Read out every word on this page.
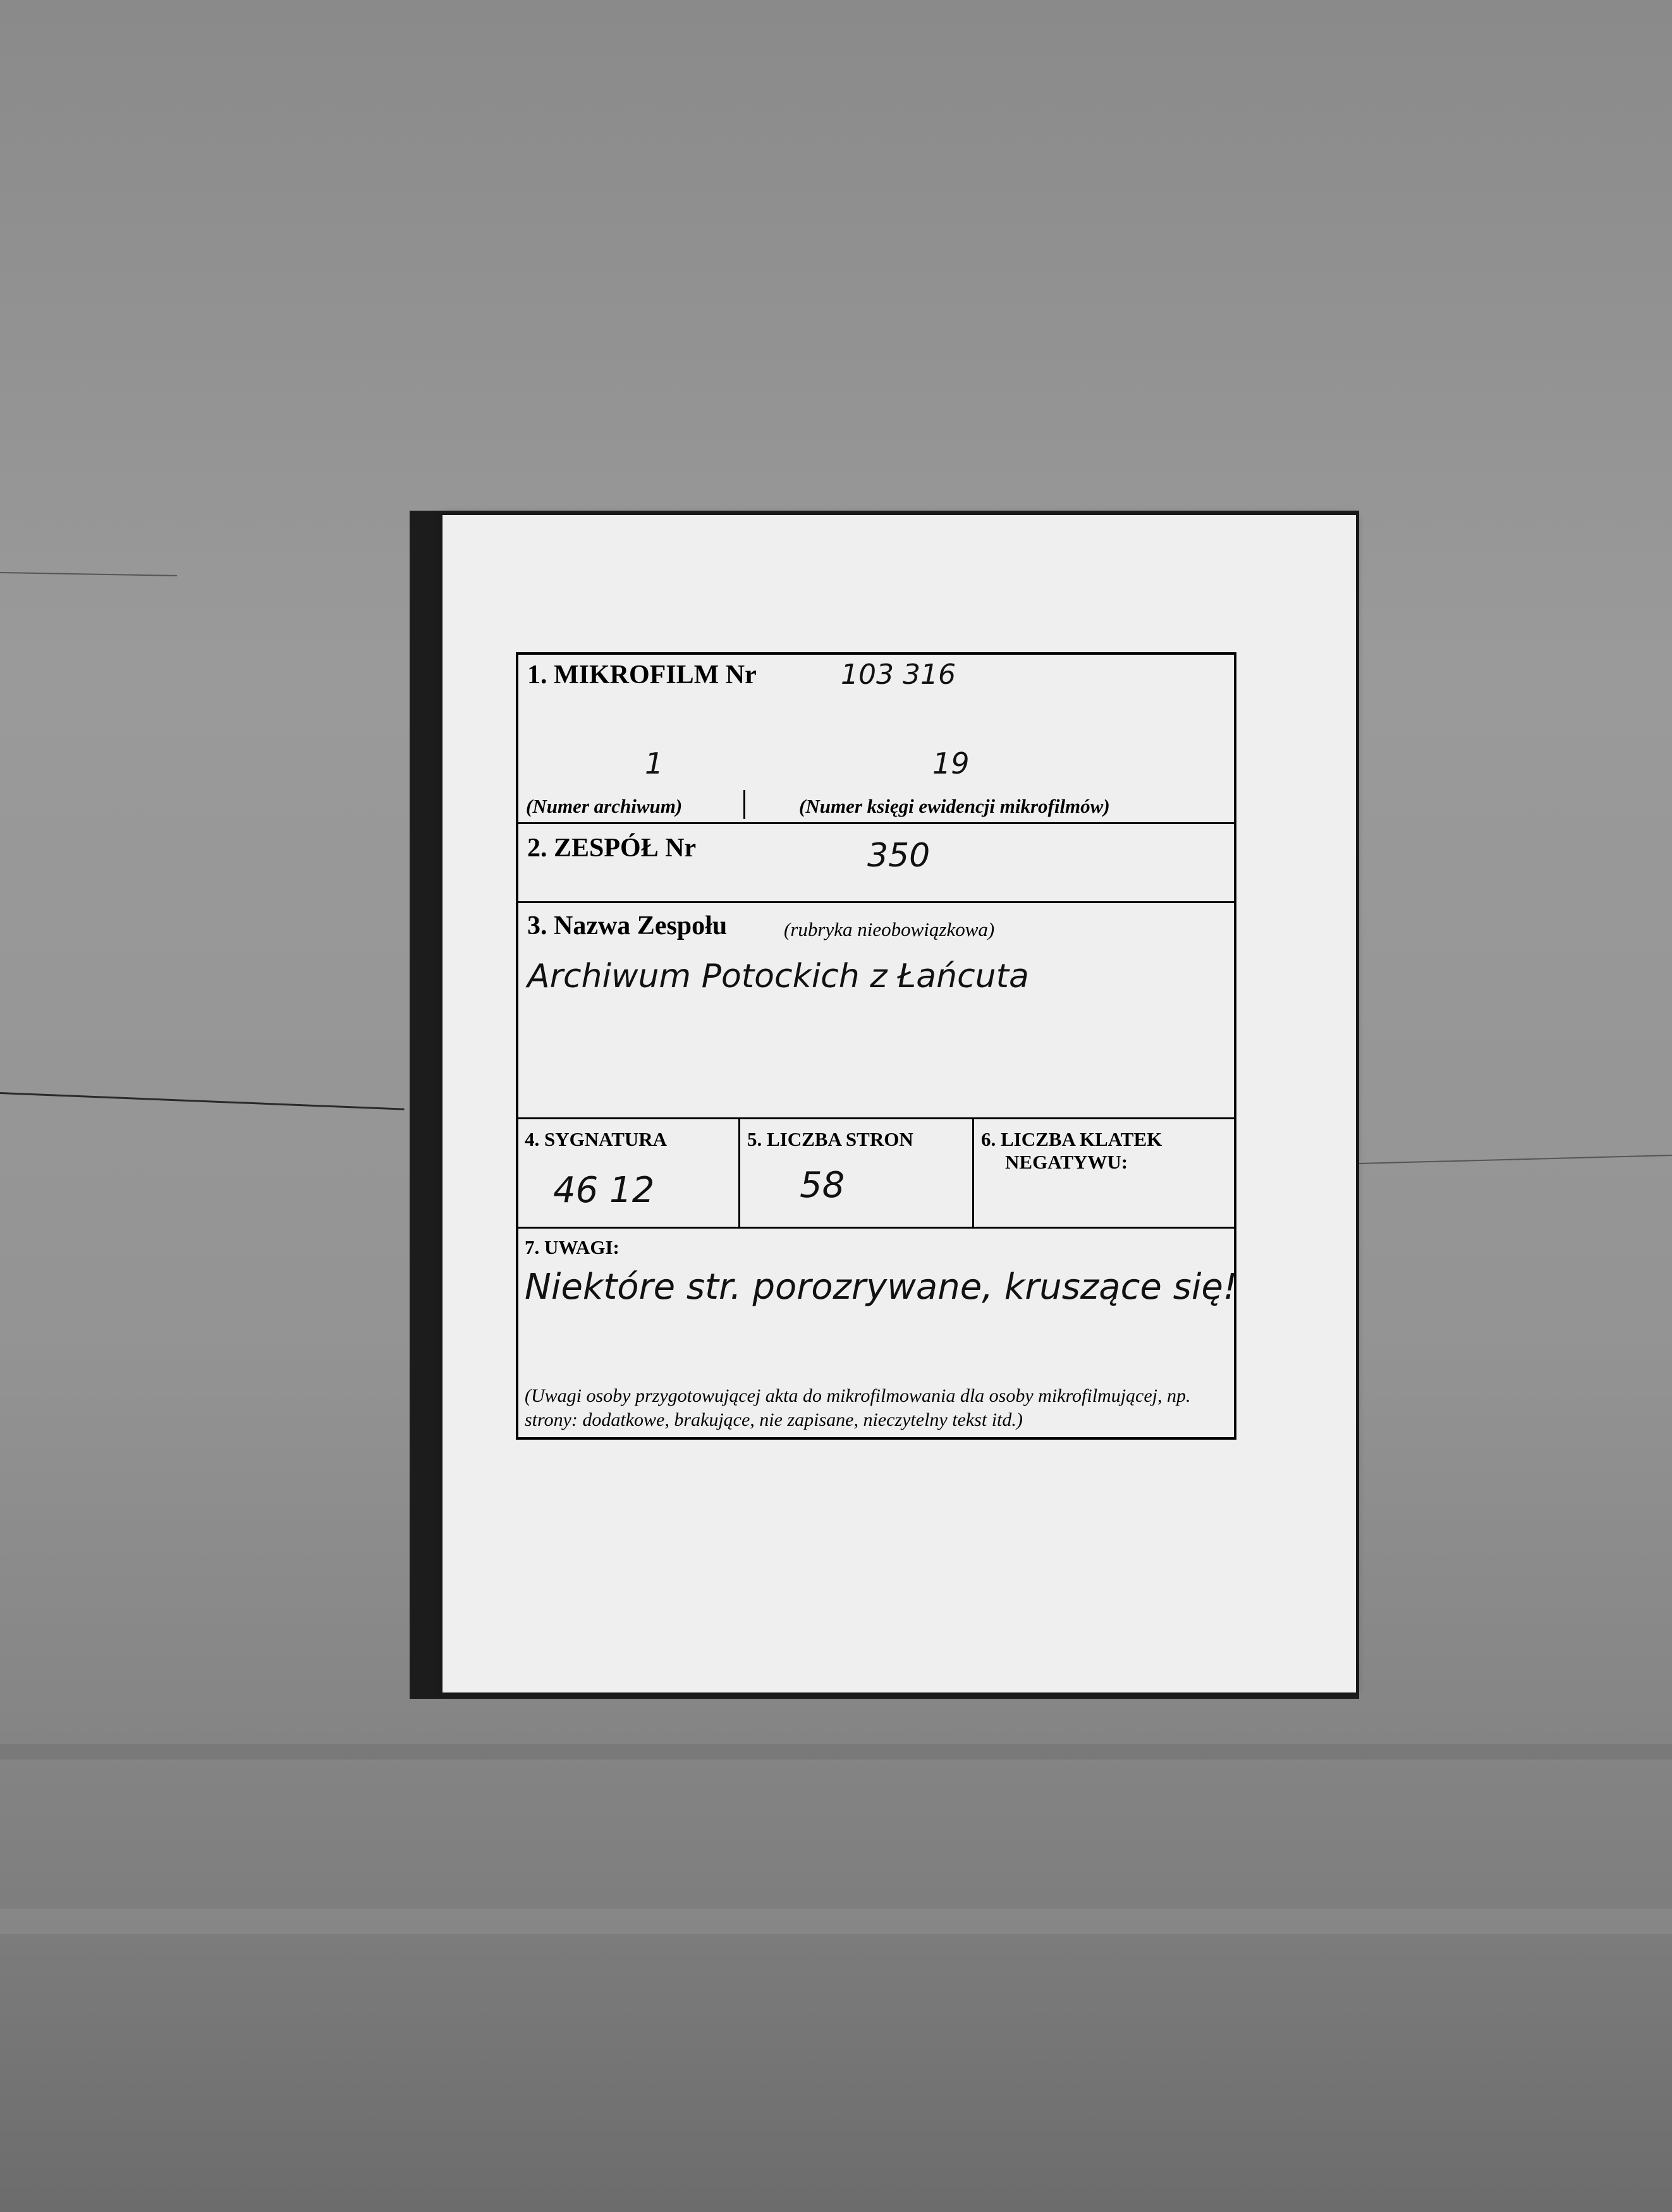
1. MIKROFILM Nr	103 316
1	19
(Numer archiwum)	(Numer księgi ewidencji mikrofilmów)
2. ZESPÓŁ Nr	350
3. Nazwa Zespołu	(rubryka nieobowiązkowa)
Archiwum Potockich z Łańcuta
4. SYGNATURA
46 12
5. LICZBA STRON
58
6. LICZBA KLATEK
NEGATYWU:
7. UWAGI:
Niektóre str. porozrywane, kruszące się!
(Uwagi osoby przygotowującej akta do mikrofilmowania dla osoby mikrofilmującej, np. strony: dodatkowe, brakujące, nie zapisane, nieczytelny tekst itd.)
